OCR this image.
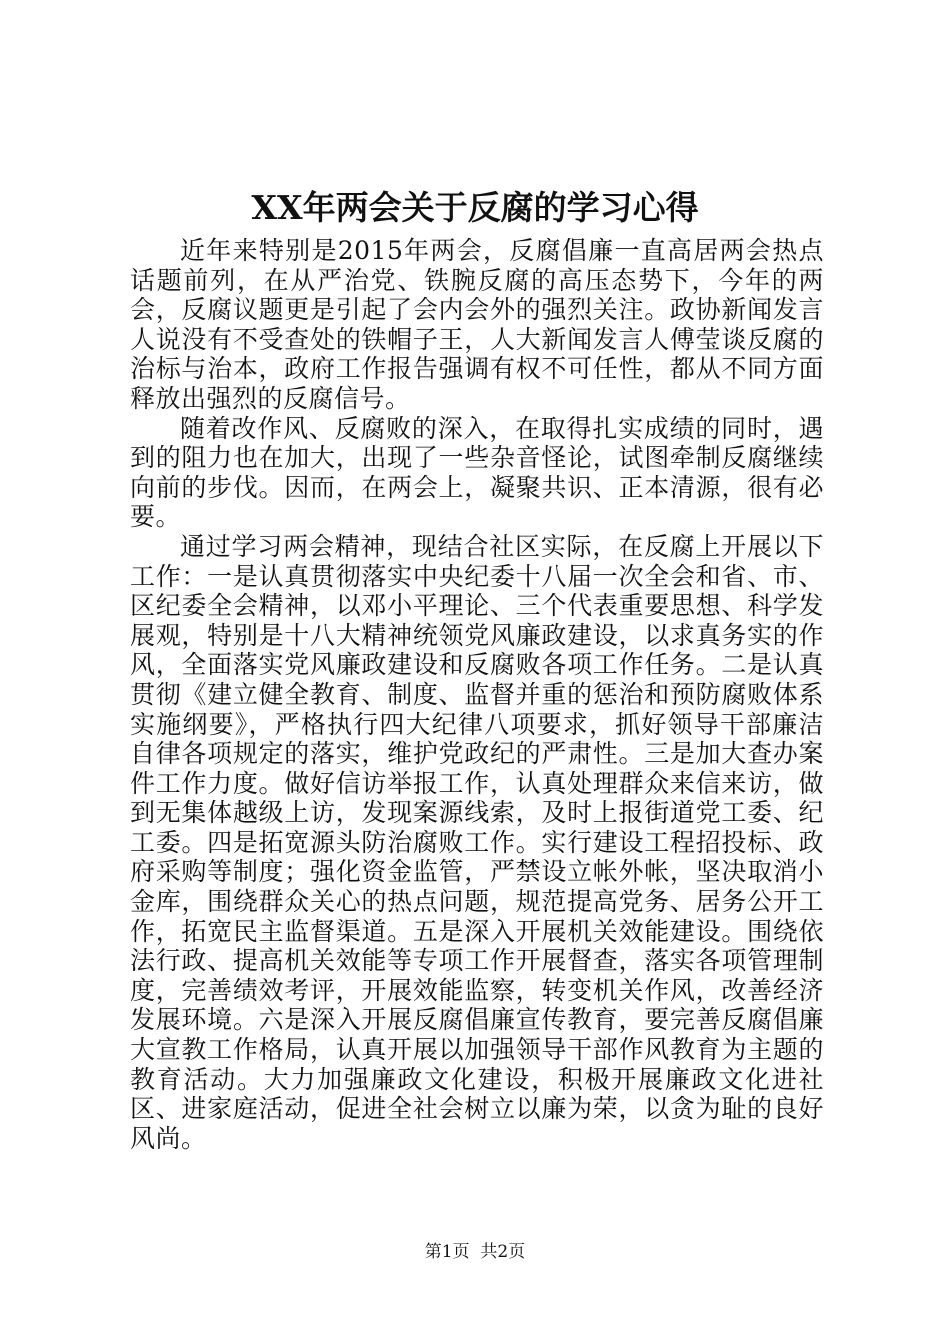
XX年两会关于反腐的学习心得

近年来特别是2015年两会，反腐倡廉一直高居两会热点话题前列，在从严治党、铁腕反腐的高压态势下，今年的两会，反腐议题更是引起了会内会外的强烈关注。政协新闻发言人说没有不受查处的铁帽子王，人大新闻发言人傅莹谈反腐的治标与治本，政府工作报告强调有权不可任性，都从不同方面释放出强烈的反腐信号。

随着改作风、反腐败的深入，在取得扎实成绩的同时，遇到的阻力也在加大，出现了一些杂音怪论，试图牵制反腐继续向前的步伐。因而，在两会上，凝聚共识、正本清源，很有必要。

通过学习两会精神，现结合社区实际，在反腐上开展以下工作：一是认真贯彻落实中央纪委十八届一次全会和省、市、区纪委全会精神，以邓小平理论、三个代表重要思想、科学发展观，特别是十八大精神统领党风廉政建设，以求真务实的作风，全面落实党风廉政建设和反腐败各项工作任务。二是认真贯彻《建立健全教育、制度、监督并重的惩治和预防腐败体系实施纲要》，严格执行四大纪律八项要求，抓好领导干部廉洁自律各项规定的落实，维护党政纪的严肃性。三是加大查办案件工作力度。做好信访举报工作，认真处理群众来信来访，做到无集体越级上访，发现案源线索，及时上报街道党工委、纪工委。四是拓宽源头防治腐败工作。实行建设工程招投标、政府采购等制度；强化资金监管，严禁设立帐外帐，坚决取消小金库，围绕群众关心的热点问题，规范提高党务、居务公开工作，拓宽民主监督渠道。五是深入开展机关效能建设。围绕依法行政、提高机关效能等专项工作开展督查，落实各项管理制度，完善绩效考评，开展效能监察，转变机关作风，改善经济发展环境。六是深入开展反腐倡廉宣传教育，要完善反腐倡廉大宣教工作格局，认真开展以加强领导干部作风教育为主题的教育活动。大力加强廉政文化建设，积极开展廉政文化进社区、进家庭活动，促进全社会树立以廉为荣，以贪为耻的良好风尚。

第1页 共2页
